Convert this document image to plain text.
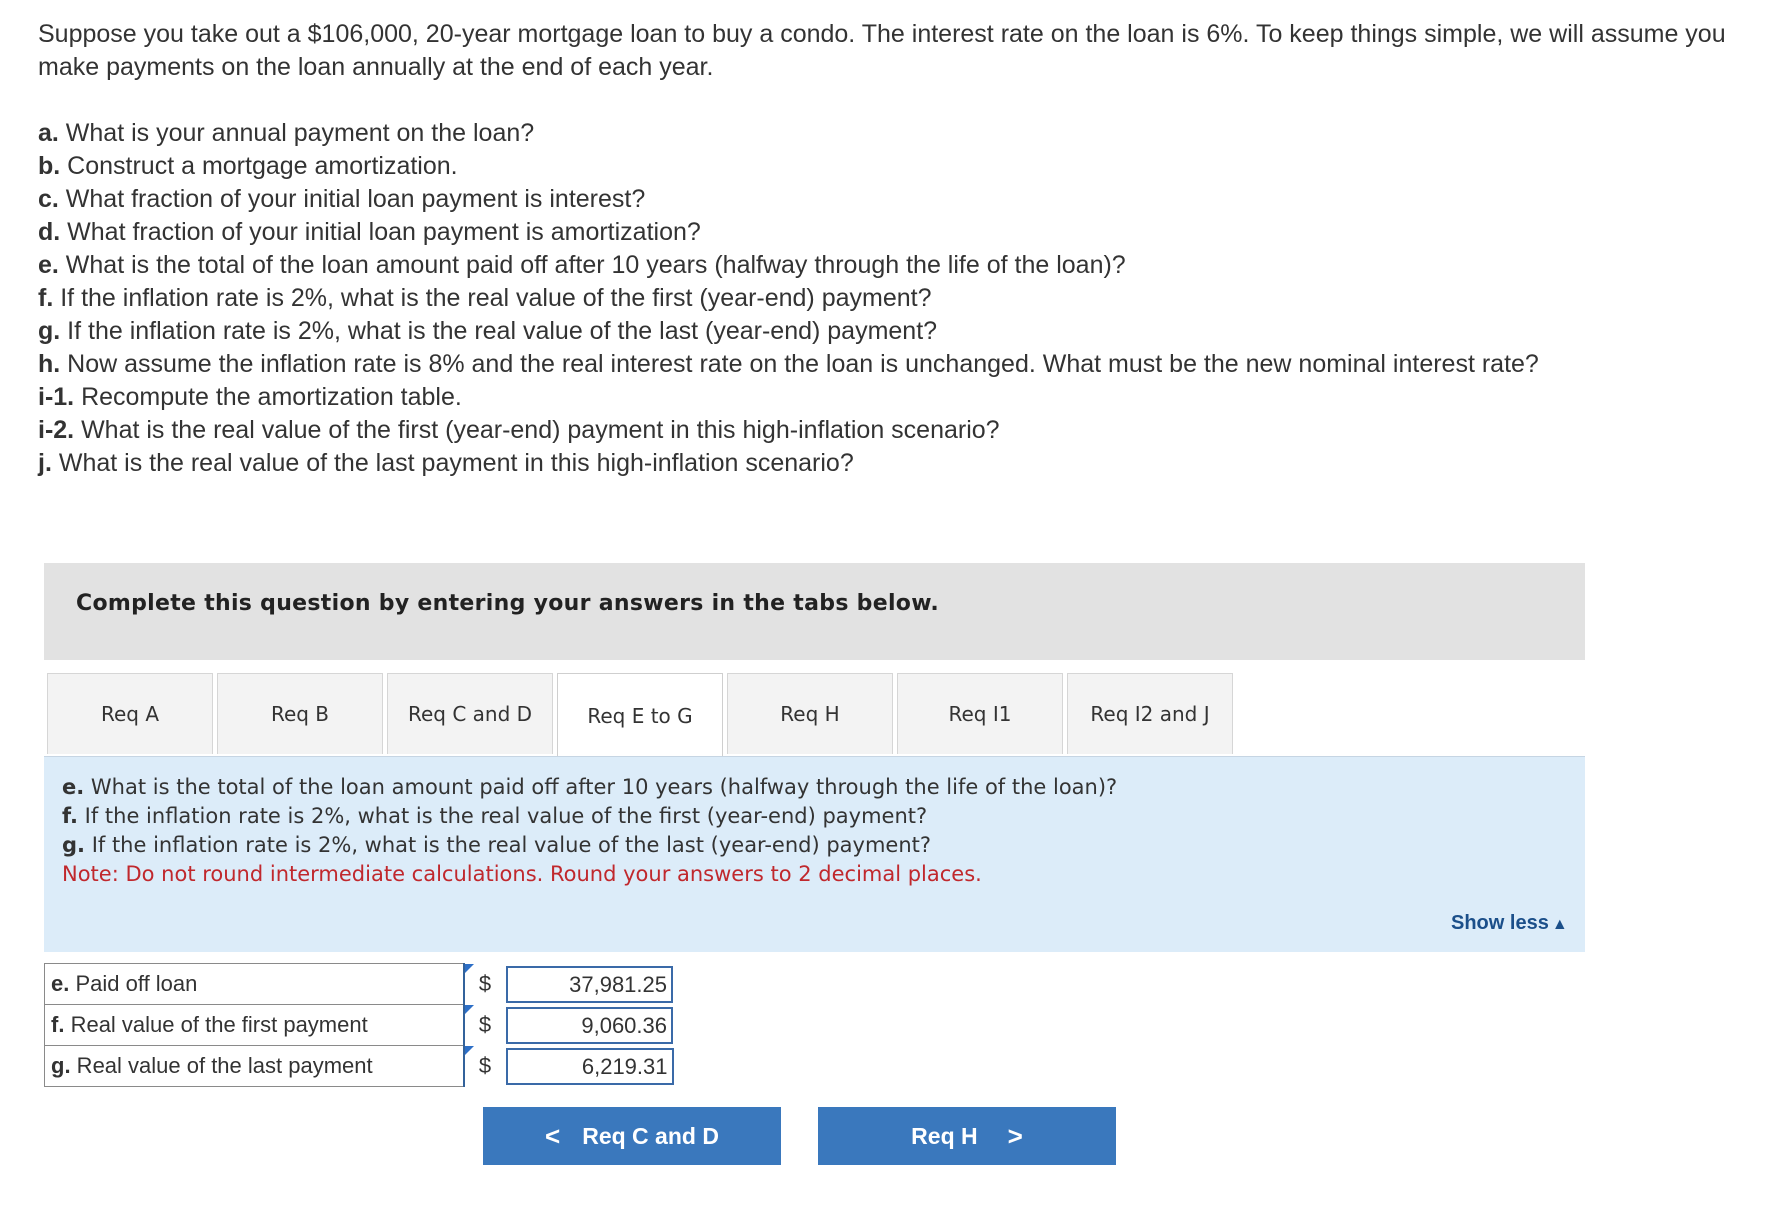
Suppose you take out a $106,000, 20-year mortgage loan to buy a condo. The interest rate on the loan is 6%. To keep things simple, we will assume you make payments on the loan annually at the end of each year.

a. What is your annual payment on the loan?

b. Construct a mortgage amortization.

c. What fraction of your initial loan payment is interest?

d. What fraction of your initial loan payment is amortization?

e. What is the total of the loan amount paid off after 10 years (halfway through the life of the loan)?

f. If the inflation rate is 2%, what is the real value of the first (year-end) payment?

g. If the inflation rate is 2%, what is the real value of the last (year-end) payment?

h. Now assume the inflation rate is 8% and the real interest rate on the loan is unchanged. What must be the new nominal interest rate?

i-1. Recompute the amortization table.

i-2. What is the real value of the first (year-end) payment in this high-inflation scenario?

j. What is the real value of the last payment in this high-inflation scenario?

Complete this question by entering your answers in the tabs below.
Req A	Req B	Req C and D	Req E to G	Req H	Req I1	Req I2 and J
e. What is the total of the loan amount paid off after 10 years (halfway through the life of the loan)?
f. If the inflation rate is 2%, what is the real value of the first (year-end) payment?
g. If the inflation rate is 2%, what is the real value of the last (year-end) payment?
Note: Do not round intermediate calculations. Round your answers to 2 decimal places.
Show less ▲
e. Paid off loan	$	37,981.25

f. Real value of the first payment	$	9,060.36

g. Real value of the last payment	$	6,219.31
< Req C and D	Req H >
